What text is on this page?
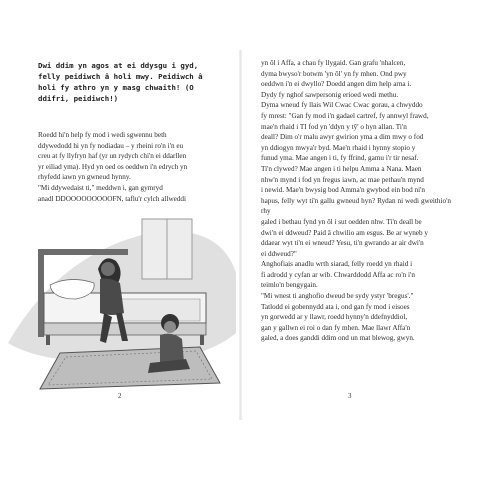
Dwi ddim yn agos at ei ddysgu i gyd,
felly peidiwch â holi mwy. Peidiwch â
holi fy athro yn y masg chwaith! (O
ddifri, peidiwch!)

Roedd hi'n help fy mod i wedi sgwennu beth
ddywedodd hi yn fy nodiadau – y rheini ro'n i'n eu
creu at fy llyfryn haf (yr un rydych chi'n ei ddarllen
yr eiliad yma). Hyd yn oed os oeddwn i'n edrych yn
rhyfedd iawn yn gwneud hynny.
"Mi ddywedaist ti," meddwn i, gan gymryd
anadl DDOOOOOOOOOFN, taflu'r cylch allweddi

2

yn ôl i Affa, a chau fy llygaid. Gan grafu 'nhalcen,
dyma bwyso'r botwm 'yn ôl' yn fy mhen. Ond pwy
oeddwn i'n ei dwyllo? Doedd angen dim help arna i.
Dydy fy nghof sawpersonig erioed wedi methu.
Dyma wneud fy llais Wil Cwac Cwac gorau, a chwyddo
fy mrest: "Gan fy mod i'n gadael cartref, fy annwyl frawd,
mae'n rhaid i TI fod yn 'ddyn y tŷ' o hyn allan. Ti'n
deall? Dim o'r malu awyr gwirion yma a dim mwy o fod
yn ddiogyn mwya'r byd. Mae'n rhaid i hynny stopio y
funud yma. Mae angen i ti, fy ffrind, gamu i'r tir nesaf.
Ti'n clywed? Mae angen i ti helpu Amma a Nana. Maen
nhw'n mynd i fod yn fregus iawn, ac mae pethau'n mynd
i newid. Mae'n bwysig bod Amma'n gwybod ein bod ni'n
hapus, felly wyt ti'n gallu gwneud hyn? Rydan ni wedi gweithio'n rhy
galed i bethau fynd yn ôl i sut oedden nhw. Ti'n deall be
dwi'n ei ddweud? Paid â chwilio am esgus. Be ar wyneb y
ddaear wyt ti'n ei wneud? Yesu, ti'n gwrando ar air dwi'n
ei ddweud?"
Anghofiais anadlu wrth siarad, felly roedd yn rhaid i
fi adrodd y cyfan ar wib. Chwarddodd Affa ac ro'n i'n
teimlo'n bengygain.
"Mi wnest ti anghofio dweud be sydy ystyr 'bregus'."
Tatlodd ei gobennydd ata i, ond gan fy mod i eisoes
yn gorwedd ar y llawr, roedd hynny'n ddefnyddiol,
gan y gallwn ei roi o dan fy mhen. Mae llawr Affa'n
galed, a does ganddi ddim ond un mat blewog, gwyn.

3
